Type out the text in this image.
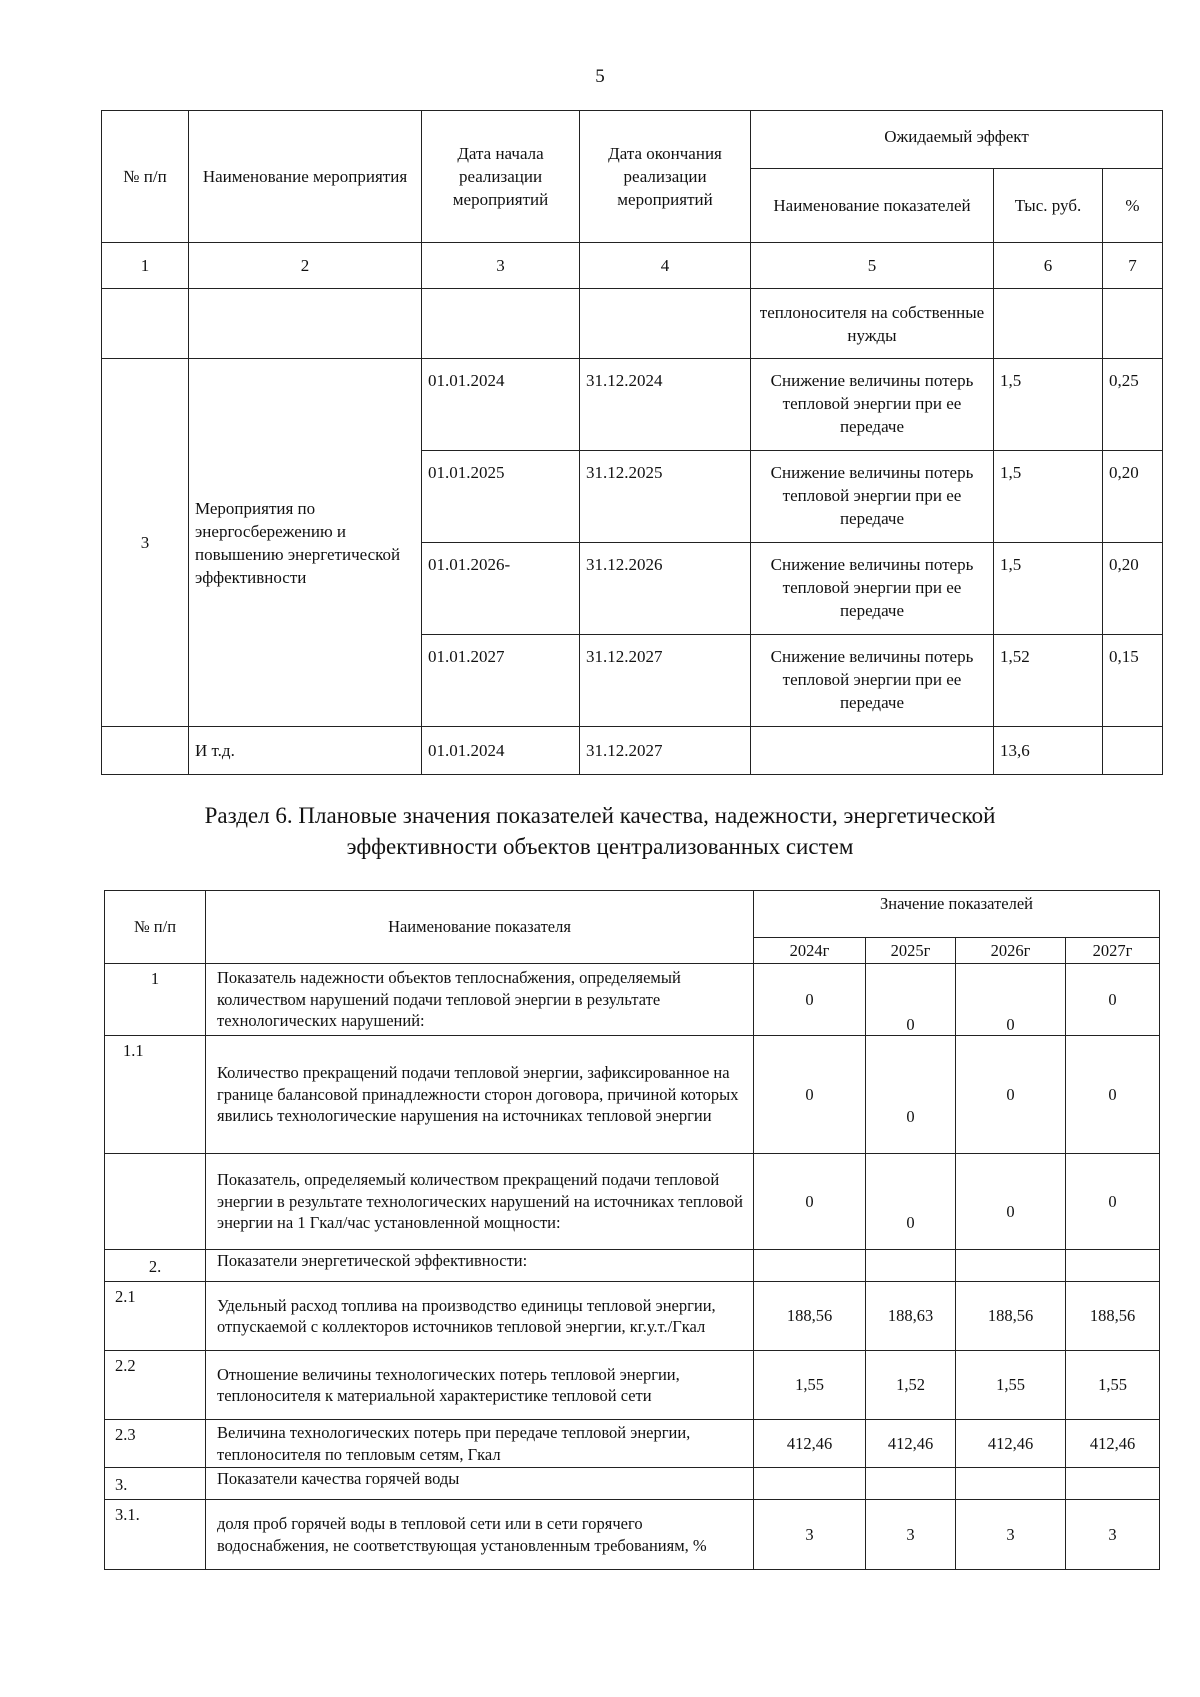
5
№ п/п	Наименование мероприятия	Дата начала реализации мероприятий	Дата окончания реализации мероприятий	Ожидаемый эффект		
				Наименование показателей	Тыс. руб.	%
1	2	3	4	5	6	7
				теплоносителя на собственные нужды		
3	Мероприятия по энергосбережению и повышению энергетической эффективности	01.01.2024	31.12.2024	Снижение величины потерь тепловой энергии при ее передаче	1,5	0,25
		01.01.2025	31.12.2025	Снижение величины потерь тепловой энергии при ее передаче	1,5	0,20
		01.01.2026-	31.12.2026	Снижение величины потерь тепловой энергии при ее передаче	1,5	0,20
		01.01.2027	31.12.2027	Снижение величины потерь тепловой энергии при ее передаче	1,52	0,15
	И т.д.	01.01.2024	31.12.2027		13,6	
Раздел 6. Плановые значения показателей качества, надежности, энергетической
эффективности объектов централизованных систем
№ п/п	Наименование показателя	Значение показателей			
		2024г	2025г	2026г	2027г
1	Показатель надежности объектов теплоснабжения, определяемый количеством нарушений подачи тепловой энергии в результате технологических нарушений:	0	0	0	0
1.1	Количество прекращений подачи тепловой энергии, зафиксированное на границе балансовой принадлежности сторон договора, причиной которых явились технологические нарушения на источниках тепловой энергии	0	0	0	0
	Показатель, определяемый количеством прекращений подачи тепловой энергии в результате технологических нарушений на источниках тепловой энергии на 1 Гкал/час установленной мощности:	0	0	0	0
2.	Показатели энергетической эффективности:				
2.1	Удельный расход топлива на производство единицы тепловой энергии, отпускаемой с коллекторов источников тепловой энергии, кг.у.т./Гкал	188,56	188,63	188,56	188,56
2.2	Отношение величины технологических потерь тепловой энергии, теплоносителя к материальной характеристике тепловой сети	1,55	1,52	1,55	1,55
2.3	Величина технологических потерь при передаче тепловой энергии, теплоносителя по тепловым сетям, Гкал	412,46	412,46	412,46	412,46
3.	Показатели качества горячей воды				
3.1.	доля проб горячей воды в тепловой сети или в сети горячего водоснабжения, не соответствующая установленным требованиям, %	3	3	3	3
